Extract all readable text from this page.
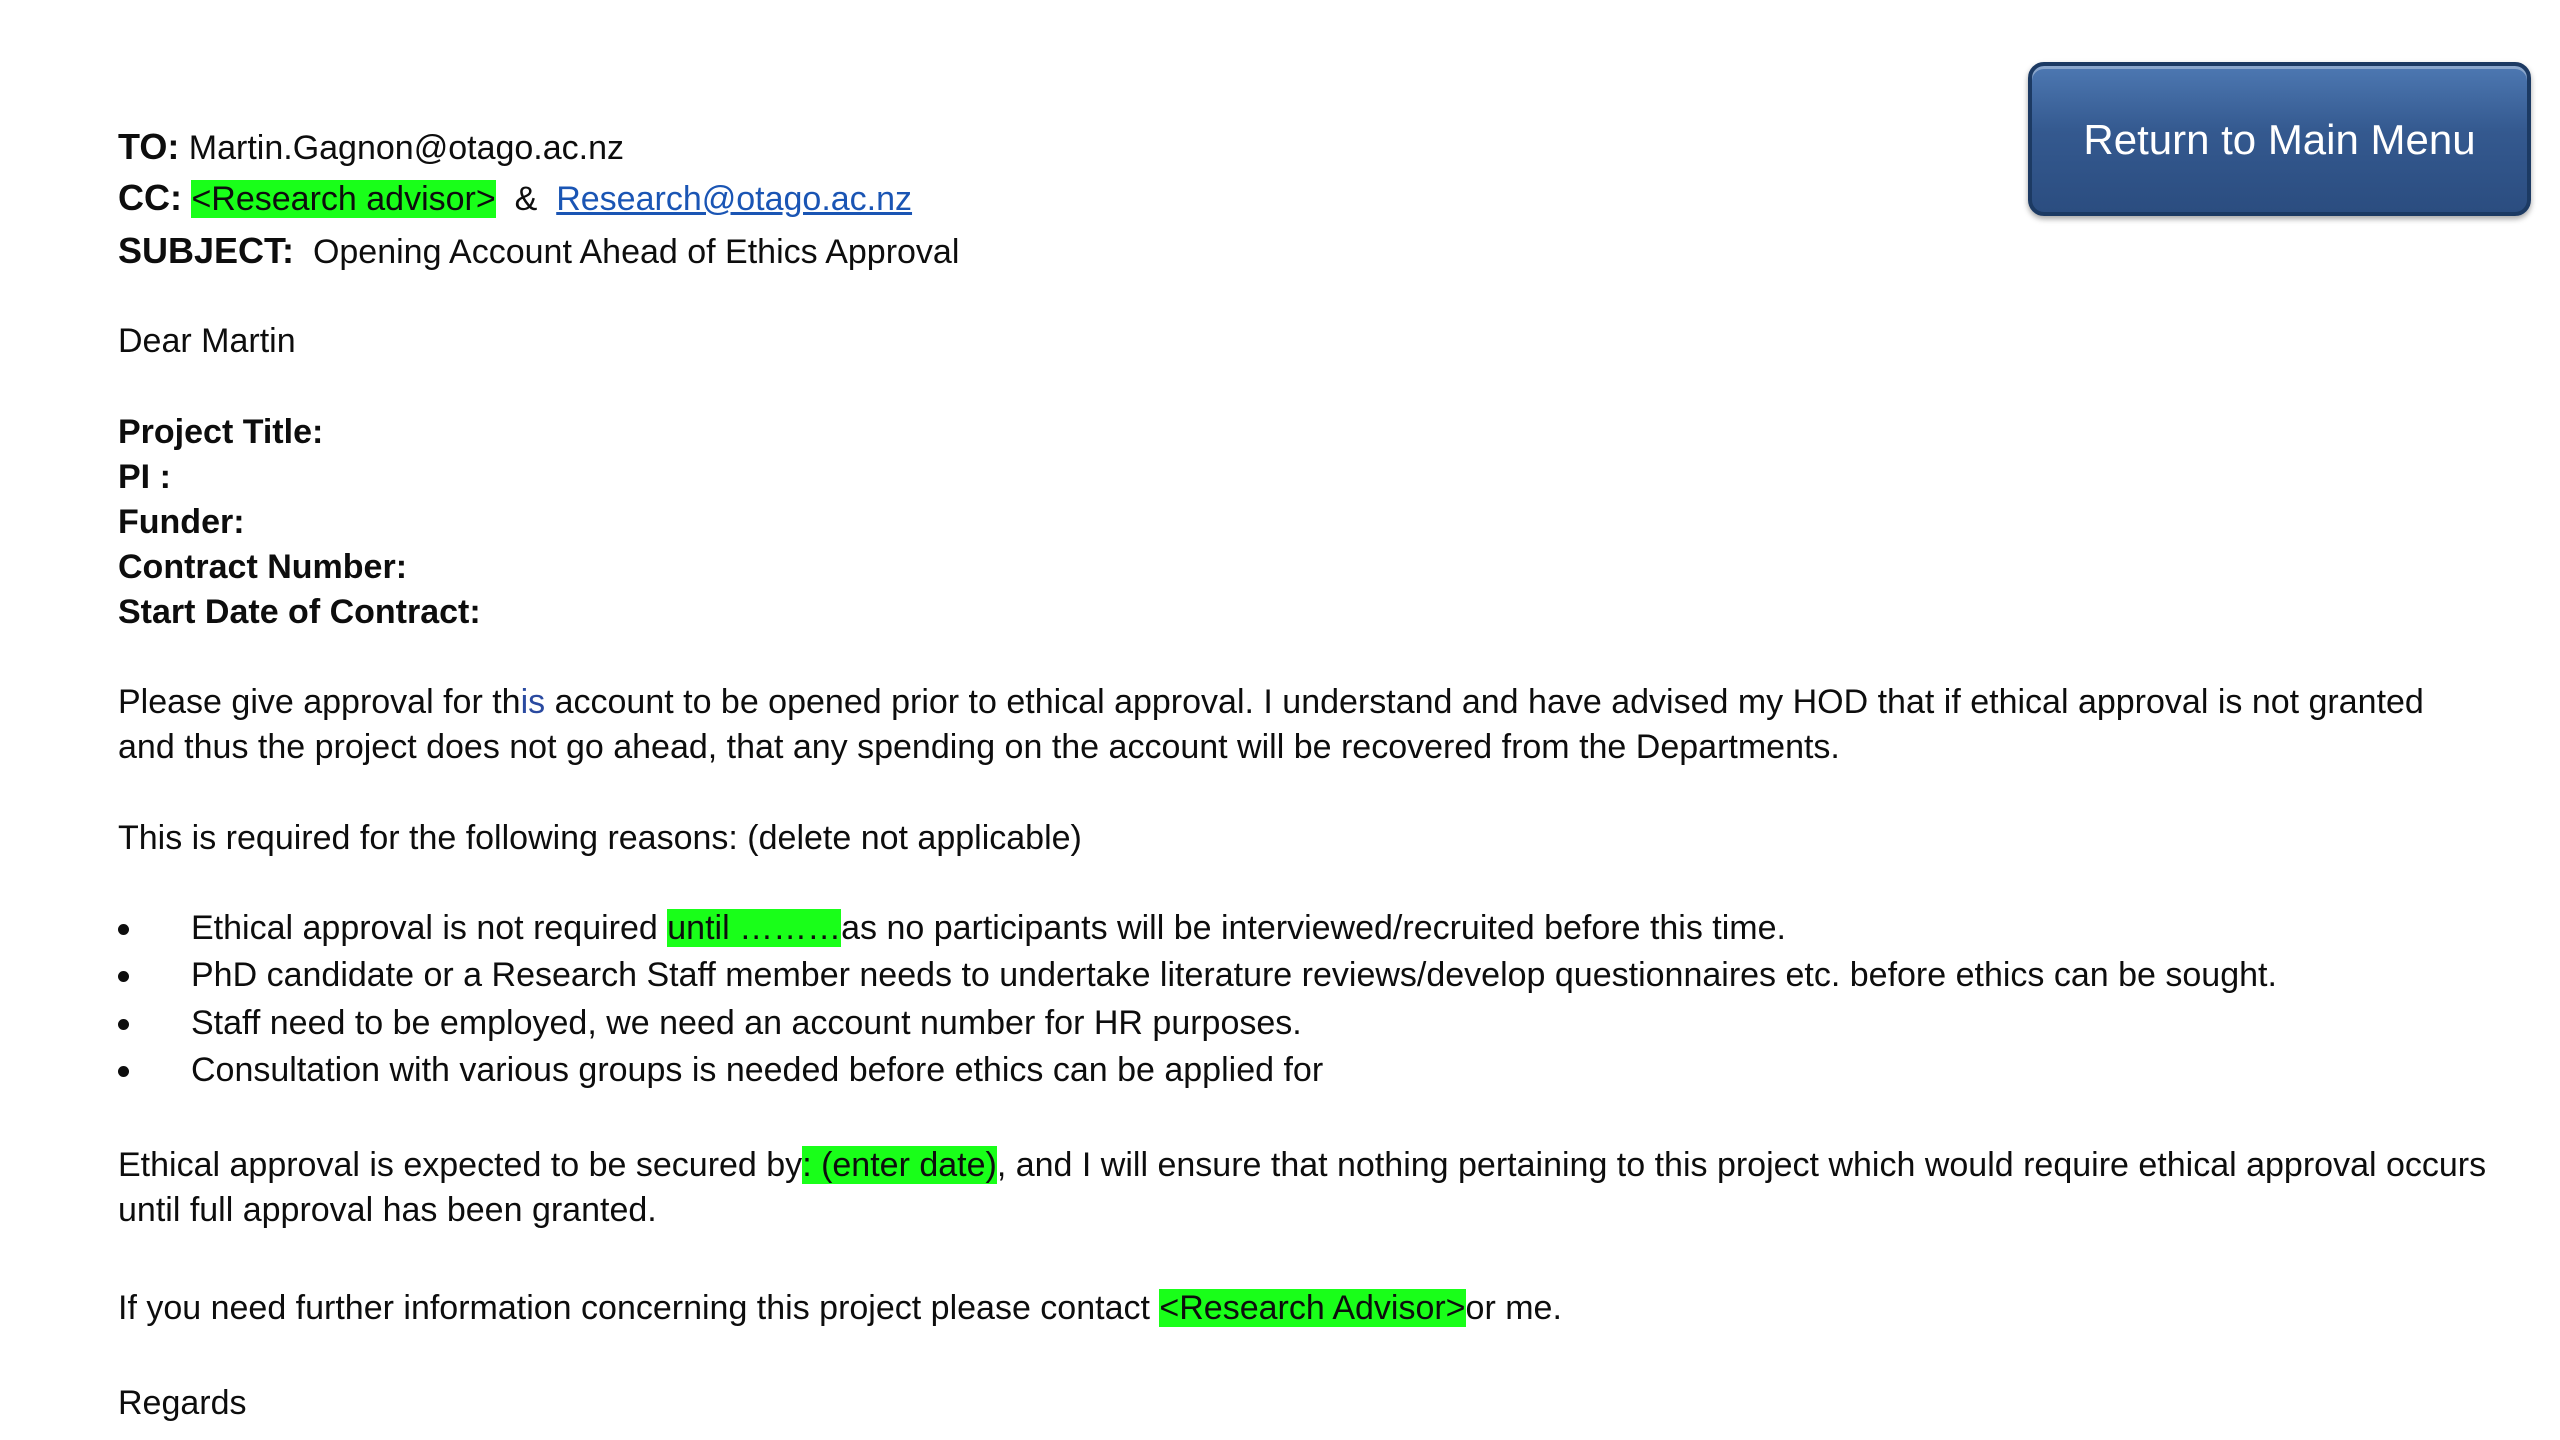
Return to Main Menu
TO: Martin.Gagnon@otago.ac.nz
CC: <Research advisor> & Research@otago.ac.nz
SUBJECT: Opening Account Ahead of Ethics Approval
Dear Martin
Project Title:
PI :
Funder:
Contract Number:
Start Date of Contract:
Please give approval for this account to be opened prior to ethical approval. I understand and have advised my HOD that if ethical approval is not granted and thus the project does not go ahead, that any spending on the account will be recovered from the Departments.
This is required for the following reasons: (delete not applicable)
Ethical approval is not required until ………as no participants will be interviewed/recruited before this time.
PhD candidate or a Research Staff member needs to undertake literature reviews/develop questionnaires etc. before ethics can be sought.
Staff need to be employed, we need an account number for HR purposes.
Consultation with various groups is needed before ethics can be applied for
Ethical approval is expected to be secured by: (enter date), and I will ensure that nothing pertaining to this project which would require ethical approval occurs until full approval has been granted.
If you need further information concerning this project please contact <Research Advisor>or me.
Regards
